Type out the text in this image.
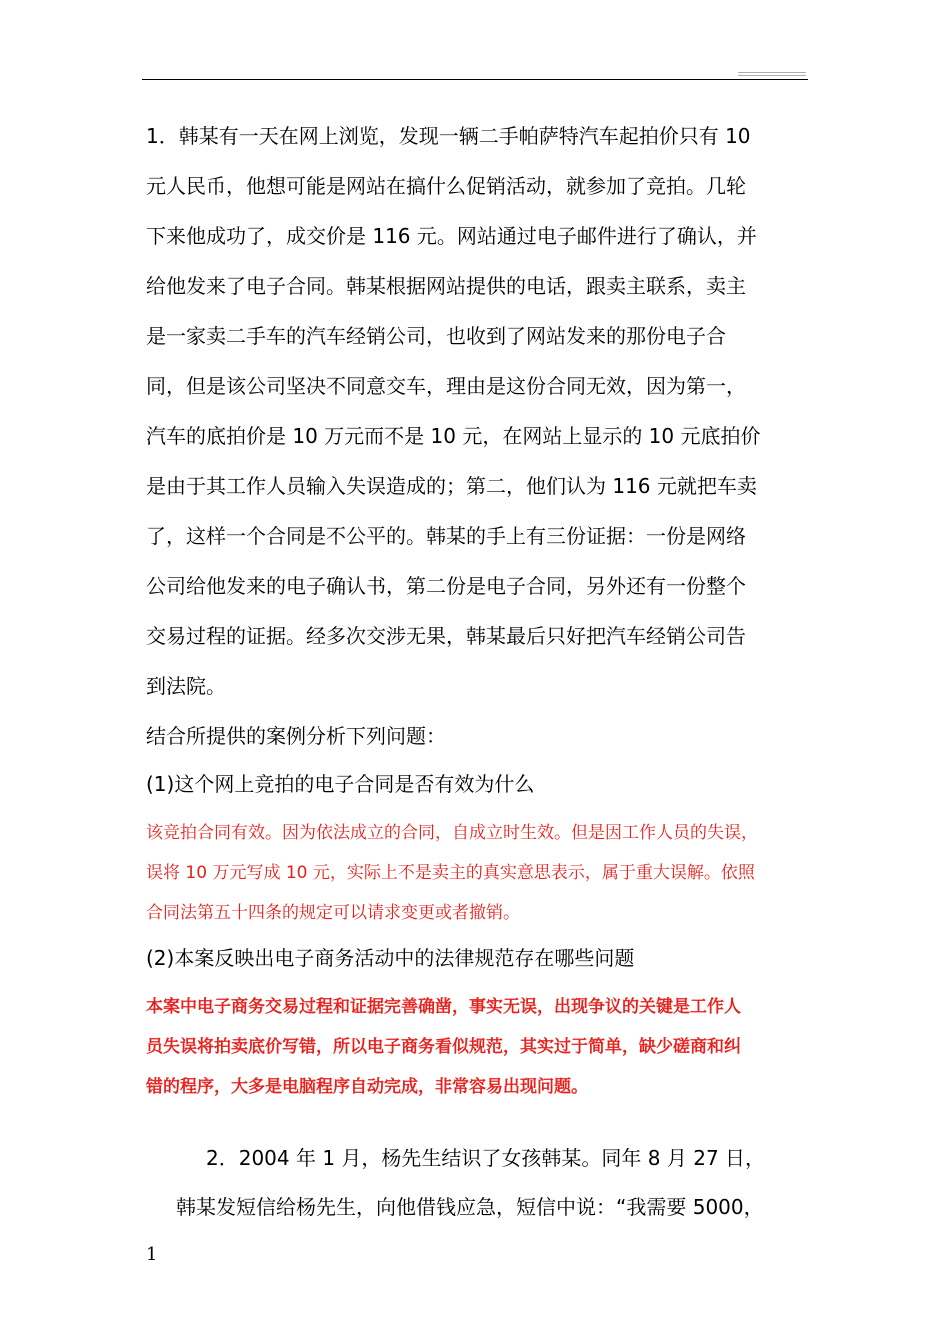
1．韩某有一天在网上浏览，发现一辆二手帕萨特汽车起拍价只有 10

元人民币，他想可能是网站在搞什么促销活动，就参加了竞拍。几轮

下来他成功了，成交价是 116 元。网站通过电子邮件进行了确认，并

给他发来了电子合同。韩某根据网站提供的电话，跟卖主联系，卖主

是一家卖二手车的汽车经销公司，也收到了网站发来的那份电子合

同，但是该公司坚决不同意交车，理由是这份合同无效，因为第一，

汽车的底拍价是 10 万元而不是 10 元，在网站上显示的 10 元底拍价

是由于其工作人员输入失误造成的；第二，他们认为 116 元就把车卖

了，这样一个合同是不公平的。韩某的手上有三份证据：一份是网络

公司给他发来的电子确认书，第二份是电子合同，另外还有一份整个

交易过程的证据。经多次交涉无果，韩某最后只好把汽车经销公司告

到法院。

结合所提供的案例分析下列问题：

(1)这个网上竞拍的电子合同是否有效为什么

该竞拍合同有效。因为依法成立的合同，自成立时生效。但是因工作人员的失误，

误将 10 万元写成 10 元，实际上不是卖主的真实意思表示，属于重大误解。依照

合同法第五十四条的规定可以请求变更或者撤销。

(2)本案反映出电子商务活动中的法律规范存在哪些问题

本案中电子商务交易过程和证据完善确凿，事实无误，出现争议的关键是工作人

员失误将拍卖底价写错，所以电子商务看似规范，其实过于简单，缺少磋商和纠

错的程序，大多是电脑程序自动完成，非常容易出现问题。

2．2004 年 1 月，杨先生结识了女孩韩某。同年 8 月 27 日，

韩某发短信给杨先生，向他借钱应急，短信中说：“我需要 5000，

1
